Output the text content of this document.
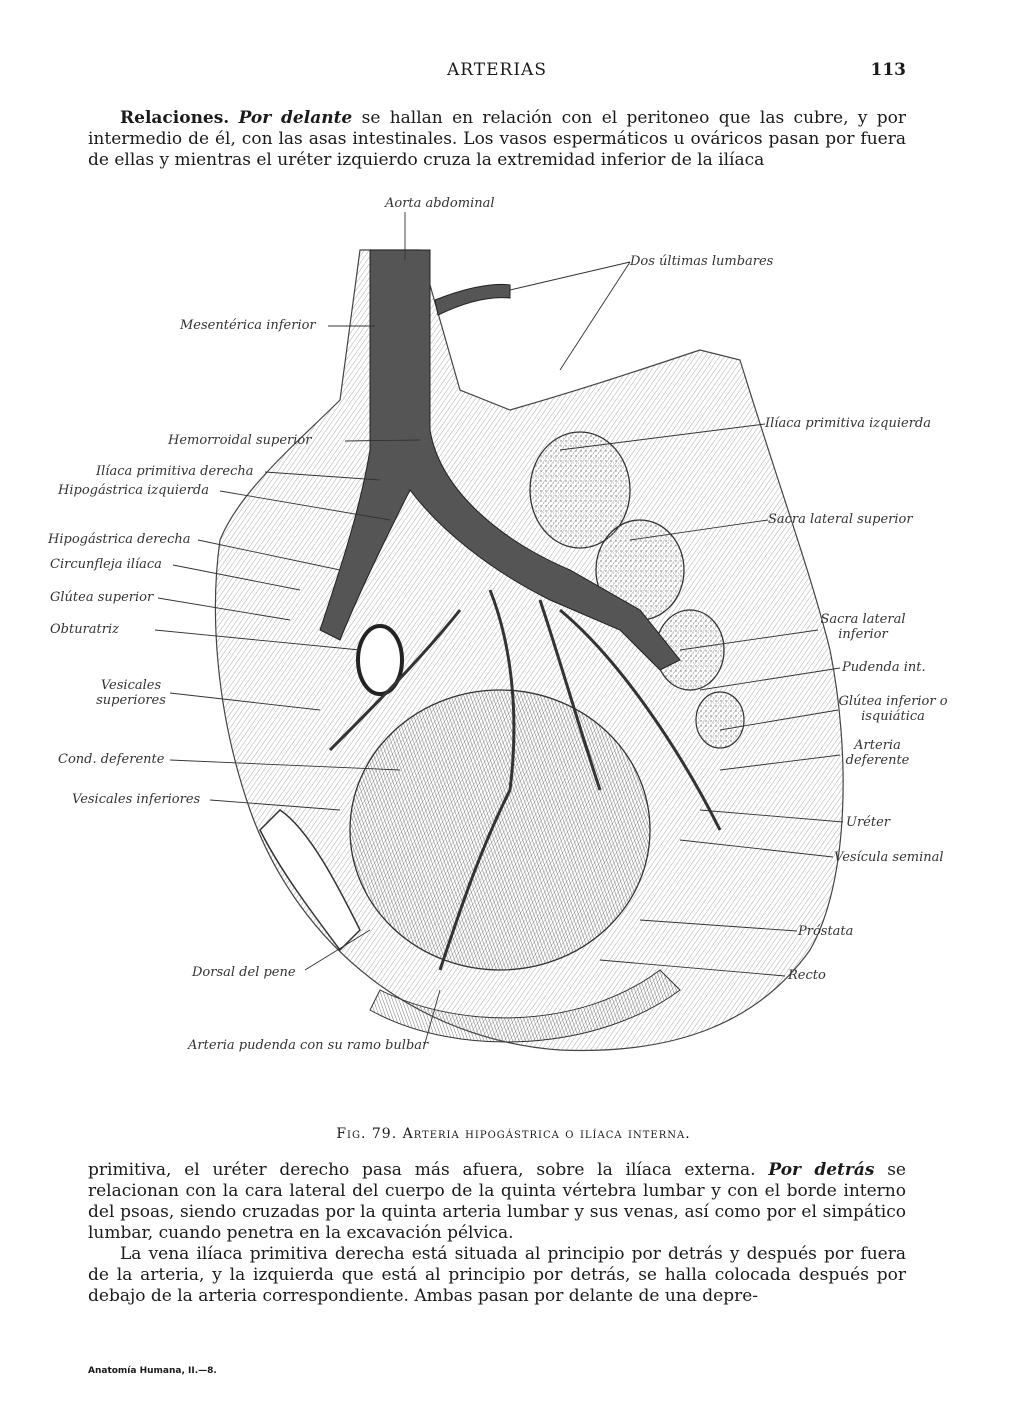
ARTERIAS	113
Relaciones. Por delante se hallan en relación con el peritoneo que las cubre, y por intermedio de él, con las asas intestinales. Los vasos espermáticos u ováricos pasan por fuera de ellas y mientras el uréter izquierdo cruza la extremidad inferior de la ilíaca
Aorta abdominal
Dos últimas lumbares
Mesentérica inferior
Ilíaca primitiva izquierda
Hemorroidal superior
Ilíaca primitiva derecha
Hipogástrica izquierda
Sacra lateral superior
Hipogástrica derecha
Circunfleja ilíaca
Glútea superior
Obturatriz
Sacra lateral inferior
Pudenda int.
Vesicales superiores	Glútea inferior o isquiática
Arteria deferente
Cond. deferente
Vesicales inferiores
Uréter
Vesícula seminal
Próstata
Dorsal del pene	Recto
Arteria pudenda con su ramo bulbar
Fig. 79. Arteria hipogástrica o ilíaca interna.
primitiva, el uréter derecho pasa más afuera, sobre la ilíaca externa. Por detrás se relacionan con la cara lateral del cuerpo de la quinta vértebra lumbar y con el borde interno del psoas, siendo cruzadas por la quinta arteria lumbar y sus venas, así como por el simpático lumbar, cuando penetra en la excavación pélvica.
La vena ilíaca primitiva derecha está situada al principio por detrás y después por fuera de la arteria, y la izquierda que está al principio por detrás, se halla colocada después por debajo de la arteria correspondiente. Ambas pasan por delante de una depre-
Anatomía Humana, II.—8.
